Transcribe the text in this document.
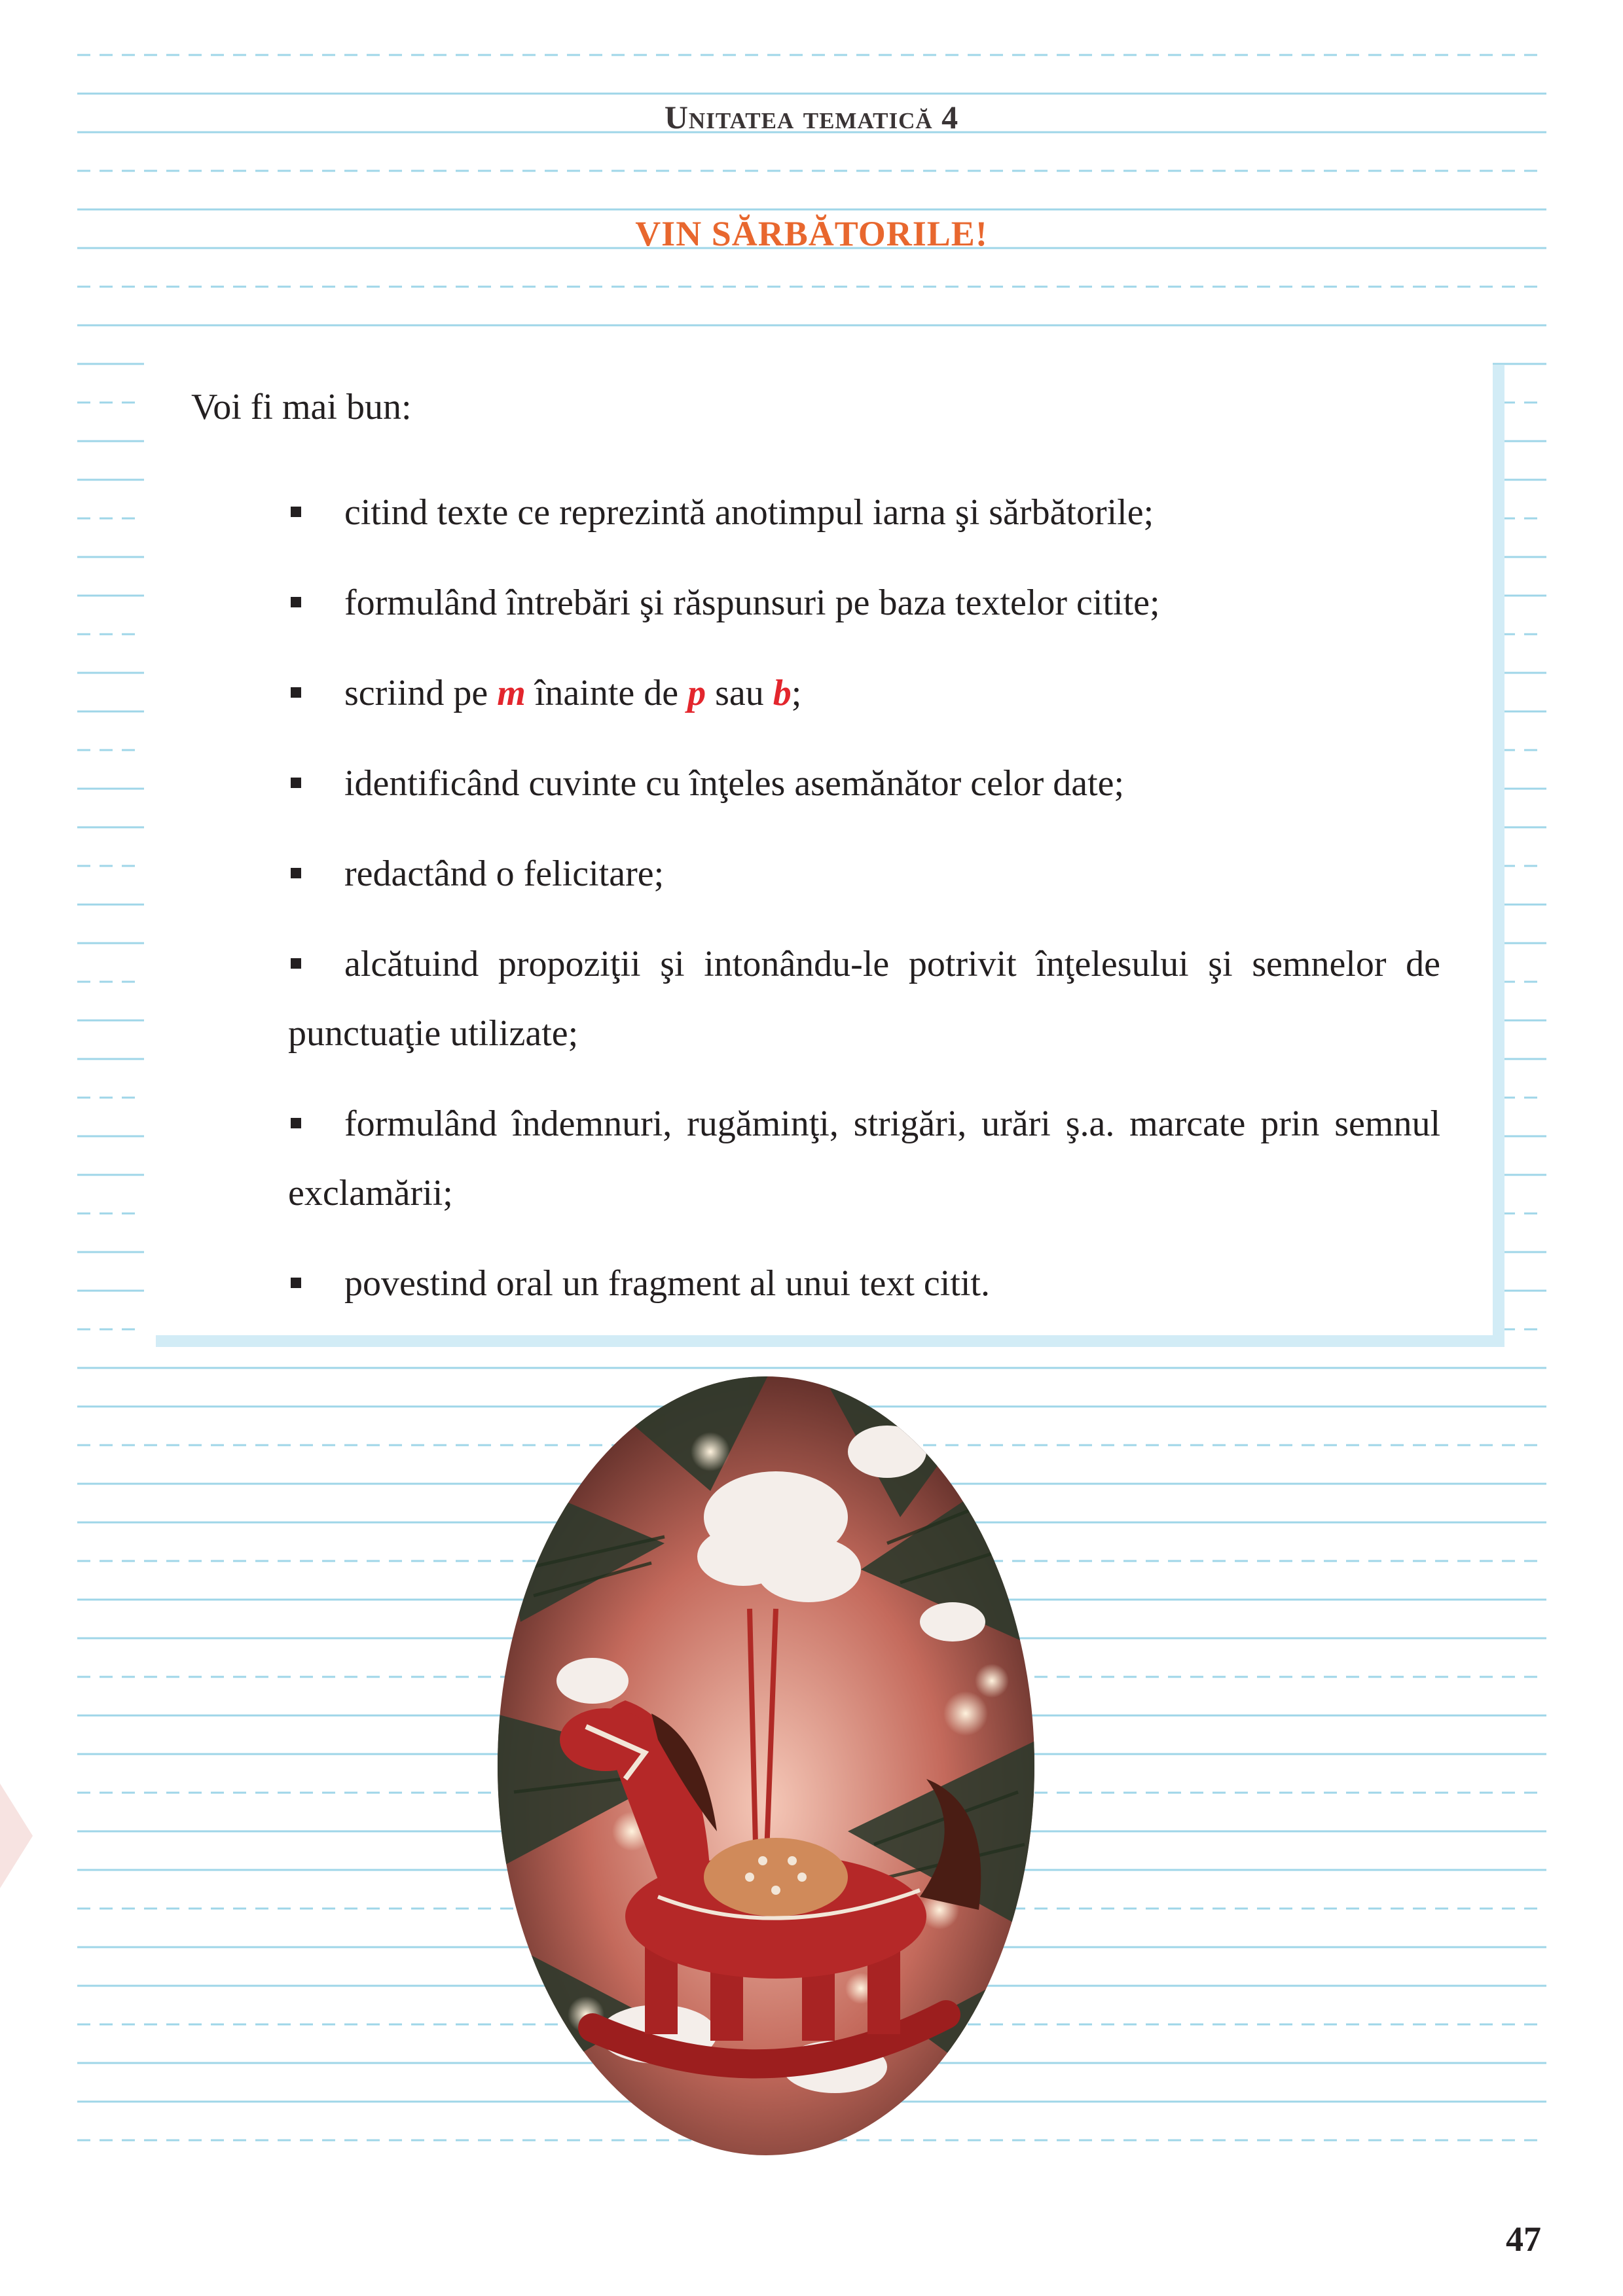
Unitatea tematică 4
VIN SĂRBĂTORILE!
Voi fi mai bun:
citind texte ce reprezintă anotimpul iarna şi sărbătorile;
formulând întrebări şi răspunsuri pe baza textelor citite;
scriind pe m înainte de p sau b;
identificând cuvinte cu înţeles asemănător celor date;
redactând o felicitare;
alcătuind propoziţii şi intonându-le potrivit înţelesului şi semnelor de punctuaţie utilizate;
formulând îndemnuri, rugăminţi, strigări, urări ş.a. marcate prin semnul exclamării;
povestind oral un fragment al unui text citit.
47
